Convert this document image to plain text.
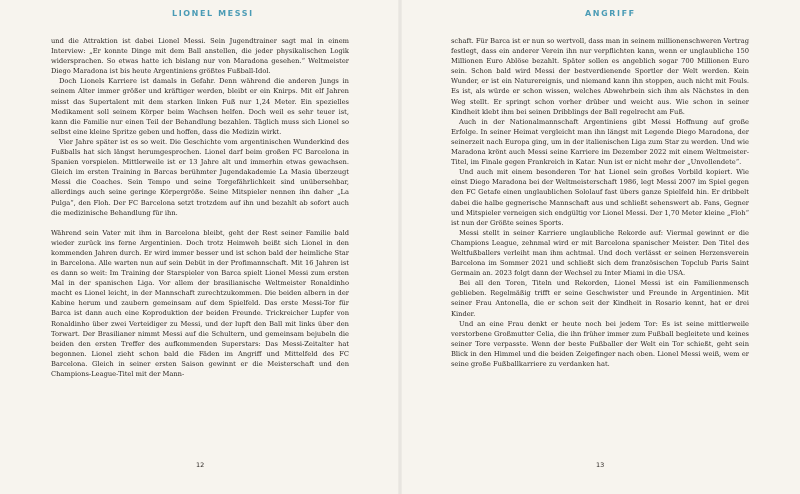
LIONEL MESSI

und die Attraktion ist dabei Lionel Messi. Sein Jugendtrainer sagt mal in einem Interview: „Er konnte Dinge mit dem Ball anstellen, die jeder physikalischen Logik widersprachen. So etwas hatte ich bislang nur von Maradona gesehen.“ Weltmeister Diego Maradona ist bis heute Argentiniens größtes Fußball-Idol.

Doch Lionels Karriere ist damals in Gefahr. Denn während die anderen Jungs in seinem Alter immer größer und kräftiger werden, bleibt er ein Knirps. Mit elf Jahren misst das Supertalent mit dem starken linken Fuß nur 1,24 Meter. Ein spezielles Medikament soll seinem Körper beim Wachsen helfen. Doch weil es sehr teuer ist, kann die Familie nur einen Teil der Behandlung bezahlen. Täglich muss sich Lionel so selbst eine kleine Spritze geben und hoffen, dass die Medizin wirkt.

Vier Jahre später ist es so weit. Die Geschichte vom argentinischen Wunderkind des Fußballs hat sich längst herumgesprochen. Lionel darf beim großen FC Barcelona in Spanien vorspielen. Mittlerweile ist er 13 Jahre alt und immerhin etwas gewachsen. Gleich im ersten Training in Barcas berühmter Jugendakademie La Masia überzeugt Messi die Coaches. Sein Tempo und seine Torgefährlichkeit sind unübersehbar, allerdings auch seine geringe Körpergröße. Seine Mitspieler nennen ihn daher „La Pulga“, den Floh. Der FC Barcelona setzt trotzdem auf ihn und bezahlt ab sofort auch die medizinische Behandlung für ihn.

Während sein Vater mit ihm in Barcelona bleibt, geht der Rest seiner Familie bald wieder zurück ins ferne Argentinien. Doch trotz Heimweh beißt sich Lionel in den kommenden Jahren durch. Er wird immer besser und ist schon bald der heimliche Star in Barcelona. Alle warten nun auf sein Debüt in der Profimannschaft. Mit 16 Jahren ist es dann so weit: Im Training der Starspieler von Barca spielt Lionel Messi zum ersten Mal in der spanischen Liga. Vor allem der brasilianische Weltmeister Ronaldinho macht es Lionel leicht, in der Mannschaft zurechtzukommen. Die beiden albern in der Kabine herum und zaubern gemeinsam auf dem Spielfeld. Das erste Messi-Tor für Barca ist dann auch eine Koproduktion der beiden Freunde. Trickreicher Lupfer von Ronaldinho über zwei Verteidiger zu Messi, und der lupft den Ball mit links über den Torwart. Der Brasilianer nimmt Messi auf die Schultern, und gemeinsam bejubeln die beiden den ersten Treffer des aufkommenden Superstars: Das Messi-Zeitalter hat begonnen. Lionel zieht schon bald die Fäden im Angriff und Mittelfeld des FC Barcelona. Gleich in seiner ersten Saison gewinnt er die Meisterschaft und den Champions-League-Titel mit der Mann-

12
ANGRIFF

schaft. Für Barca ist er nun so wertvoll, dass man in seinem millionenschweren Vertrag festlegt, dass ein anderer Verein ihn nur verpflichten kann, wenn er unglaubliche 150 Millionen Euro Ablöse bezahlt. Später sollen es angeblich sogar 700 Millionen Euro sein. Schon bald wird Messi der bestverdienende Sportler der Welt werden. Kein Wunder, er ist ein Naturereignis, und niemand kann ihn stoppen, auch nicht mit Fouls. Es ist, als würde er schon wissen, welches Abwehrbein sich ihm als Nächstes in den Weg stellt. Er springt schon vorher drüber und weicht aus. Wie schon in seiner Kindheit klebt ihm bei seinen Dribblings der Ball regelrecht am Fuß.

Auch in der Nationalmannschaft Argentiniens gibt Messi Hoffnung auf große Erfolge. In seiner Heimat vergleicht man ihn längst mit Legende Diego Maradona, der seinerzeit nach Europa ging, um in der italienischen Liga zum Star zu werden. Und wie Maradona krönt auch Messi seine Karriere im Dezember 2022 mit einem Weltmeister-Titel, im Finale gegen Frankreich in Katar. Nun ist er nicht mehr der „Unvollendete“.

Und auch mit einem besonderen Tor hat Lionel sein großes Vorbild kopiert. Wie einst Diego Maradona bei der Weltmeisterschaft 1986, legt Messi 2007 im Spiel gegen den FC Getafe einen unglaublichen Sololauf fast übers ganze Spielfeld hin. Er dribbelt dabei die halbe gegnerische Mannschaft aus und schließt sehenswert ab. Fans, Gegner und Mitspieler verneigen sich endgültig vor Lionel Messi. Der 1,70 Meter kleine „Floh“ ist nun der Größte seines Sports.

Messi stellt in seiner Karriere unglaubliche Rekorde auf: Viermal gewinnt er die Champions League, zehnmal wird er mit Barcelona spanischer Meister. Den Titel des Weltfußballers verleiht man ihm achtmal. Und doch verlässt er seinen Herzensverein Barcelona im Sommer 2021 und schließt sich dem französischen Topclub Paris Saint Germain an. 2023 folgt dann der Wechsel zu Inter Miami in die USA.

Bei all den Toren, Titeln und Rekorden, Lionel Messi ist ein Familienmensch geblieben. Regelmäßig trifft er seine Geschwister und Freunde in Argentinien. Mit seiner Frau Antonella, die er schon seit der Kindheit in Rosario kennt, hat er drei Kinder.

Und an eine Frau denkt er heute noch bei jedem Tor: Es ist seine mittlerweile verstorbene Großmutter Celia, die ihn früher immer zum Fußball begleitete und keines seiner Tore verpasste. Wenn der beste Fußballer der Welt ein Tor schießt, geht sein Blick in den Himmel und die beiden Zeigefinger nach oben. Lionel Messi weiß, wem er seine große Fußballkarriere zu verdanken hat.

13
